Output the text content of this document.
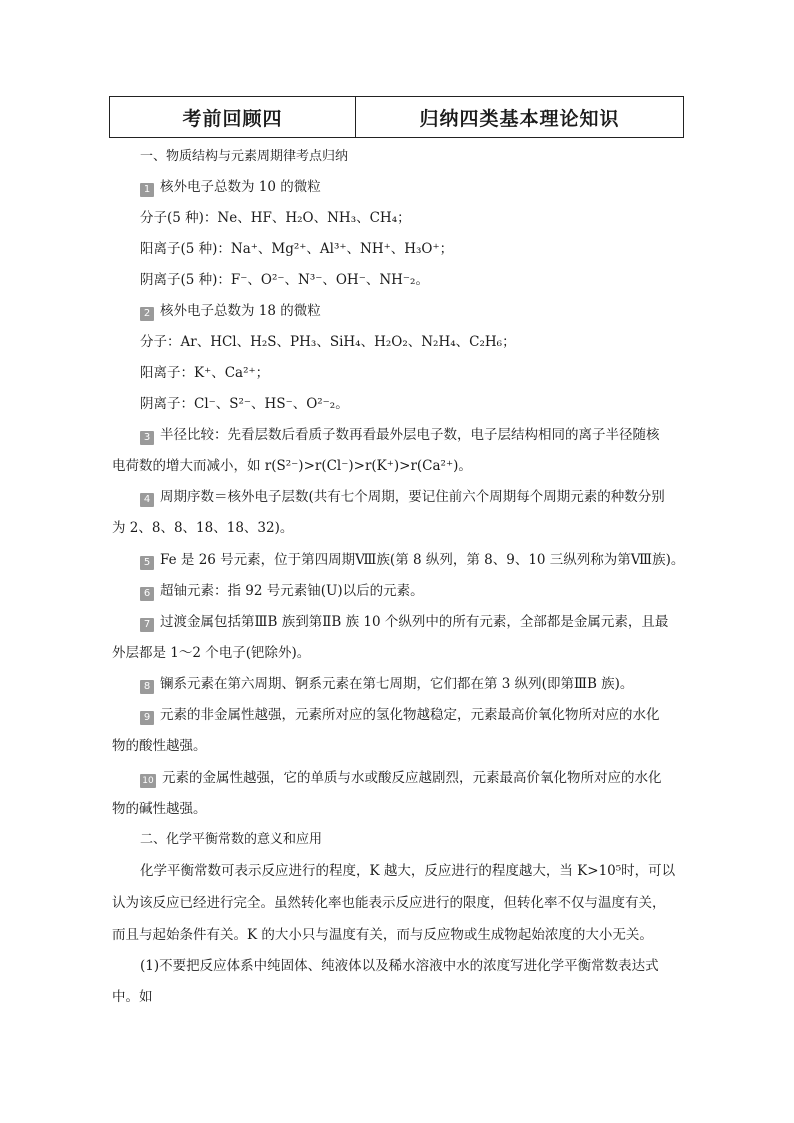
考前回顾四	归纳四类基本理论知识
一、物质结构与元素周期律考点归纳
1 核外电子总数为 10 的微粒
分子(5 种)：Ne、HF、H₂O、NH₃、CH₄；
阳离子(5 种)：Na⁺、Mg²⁺、Al³⁺、NH⁺、H₃O⁺；
阴离子(5 种)：F⁻、O²⁻、N³⁻、OH⁻、NH⁻₂。
2 核外电子总数为 18 的微粒
分子：Ar、HCl、H₂S、PH₃、SiH₄、H₂O₂、N₂H₄、C₂H₆；
阳离子：K⁺、Ca²⁺；
阴离子：Cl⁻、S²⁻、HS⁻、O²⁻₂。
3 半径比较：先看层数后看质子数再看最外层电子数，电子层结构相同的离子半径随核
电荷数的增大而减小，如 r(S²⁻)>r(Cl⁻)>r(K⁺)>r(Ca²⁺)。
4 周期序数＝核外电子层数(共有七个周期，要记住前六个周期每个周期元素的种数分别
为 2、8、8、18、18、32)。
5 Fe 是 26 号元素，位于第四周期Ⅷ族(第 8 纵列，第 8、9、10 三纵列称为第Ⅷ族)。
6 超铀元素：指 92 号元素铀(U)以后的元素。
7 过渡金属包括第ⅢB 族到第ⅡB 族 10 个纵列中的所有元素，全部都是金属元素，且最
外层都是 1～2 个电子(钯除外)。
8 镧系元素在第六周期、锕系元素在第七周期，它们都在第 3 纵列(即第ⅢB 族)。
9 元素的非金属性越强，元素所对应的氢化物越稳定，元素最高价氧化物所对应的水化
物的酸性越强。
10 元素的金属性越强，它的单质与水或酸反应越剧烈，元素最高价氧化物所对应的水化
物的碱性越强。
二、化学平衡常数的意义和应用
化学平衡常数可表示反应进行的程度，K 越大，反应进行的程度越大，当 K>10⁵时，可以
认为该反应已经进行完全。虽然转化率也能表示反应进行的限度，但转化率不仅与温度有关，
而且与起始条件有关。K 的大小只与温度有关，而与反应物或生成物起始浓度的大小无关。
(1)不要把反应体系中纯固体、纯液体以及稀水溶液中水的浓度写进化学平衡常数表达式
中。如
